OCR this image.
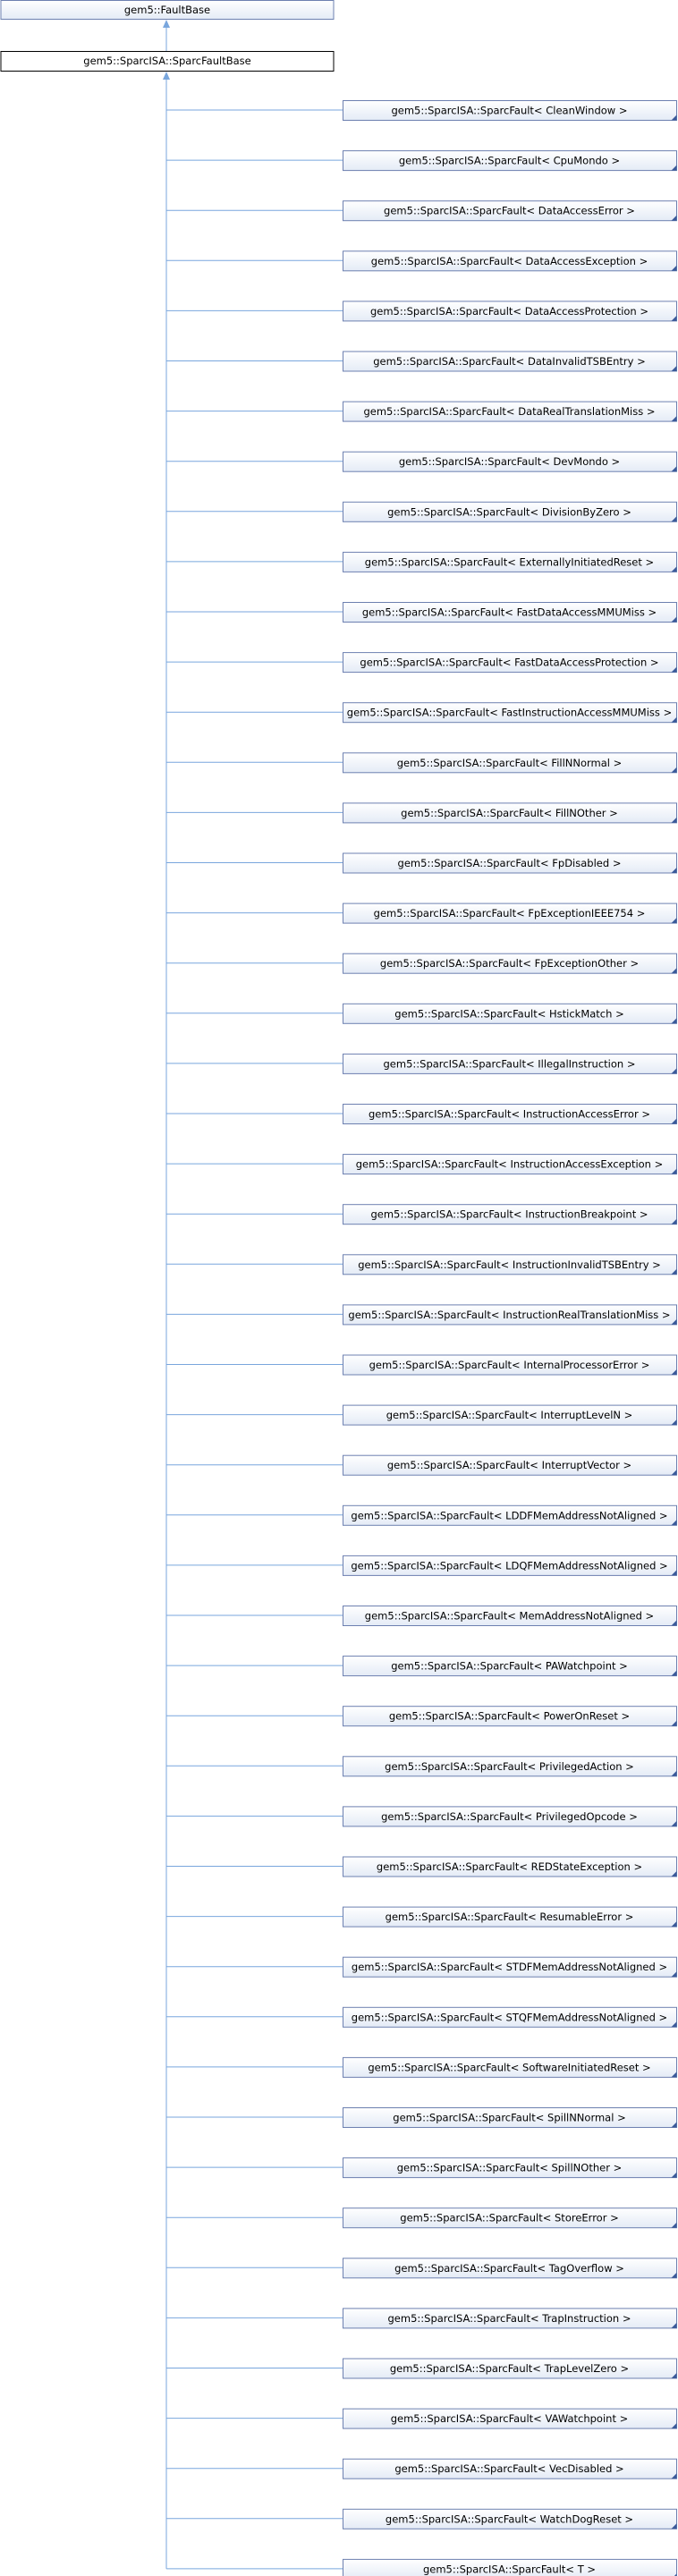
gem5::FaultBase
gem5::SparcISA::SparcFaultBase
gem5::SparcISA::SparcFault< CleanWindow >
gem5::SparcISA::SparcFault< CpuMondo >
gem5::SparcISA::SparcFault< DataAccessError >
gem5::SparcISA::SparcFault< DataAccessException >
gem5::SparcISA::SparcFault< DataAccessProtection >
gem5::SparcISA::SparcFault< DataInvalidTSBEntry >
gem5::SparcISA::SparcFault< DataRealTranslationMiss >
gem5::SparcISA::SparcFault< DevMondo >
gem5::SparcISA::SparcFault< DivisionByZero >
gem5::SparcISA::SparcFault< ExternallyInitiatedReset >
gem5::SparcISA::SparcFault< FastDataAccessMMUMiss >
gem5::SparcISA::SparcFault< FastDataAccessProtection >
gem5::SparcISA::SparcFault< FastInstructionAccessMMUMiss >
gem5::SparcISA::SparcFault< FillNNormal >
gem5::SparcISA::SparcFault< FillNOther >
gem5::SparcISA::SparcFault< FpDisabled >
gem5::SparcISA::SparcFault< FpExceptionIEEE754 >
gem5::SparcISA::SparcFault< FpExceptionOther >
gem5::SparcISA::SparcFault< HstickMatch >
gem5::SparcISA::SparcFault< IllegalInstruction >
gem5::SparcISA::SparcFault< InstructionAccessError >
gem5::SparcISA::SparcFault< InstructionAccessException >
gem5::SparcISA::SparcFault< InstructionBreakpoint >
gem5::SparcISA::SparcFault< InstructionInvalidTSBEntry >
gem5::SparcISA::SparcFault< InstructionRealTranslationMiss >
gem5::SparcISA::SparcFault< InternalProcessorError >
gem5::SparcISA::SparcFault< InterruptLevelN >
gem5::SparcISA::SparcFault< InterruptVector >
gem5::SparcISA::SparcFault< LDDFMemAddressNotAligned >
gem5::SparcISA::SparcFault< LDQFMemAddressNotAligned >
gem5::SparcISA::SparcFault< MemAddressNotAligned >
gem5::SparcISA::SparcFault< PAWatchpoint >
gem5::SparcISA::SparcFault< PowerOnReset >
gem5::SparcISA::SparcFault< PrivilegedAction >
gem5::SparcISA::SparcFault< PrivilegedOpcode >
gem5::SparcISA::SparcFault< REDStateException >
gem5::SparcISA::SparcFault< ResumableError >
gem5::SparcISA::SparcFault< STDFMemAddressNotAligned >
gem5::SparcISA::SparcFault< STQFMemAddressNotAligned >
gem5::SparcISA::SparcFault< SoftwareInitiatedReset >
gem5::SparcISA::SparcFault< SpillNNormal >
gem5::SparcISA::SparcFault< SpillNOther >
gem5::SparcISA::SparcFault< StoreError >
gem5::SparcISA::SparcFault< TagOverflow >
gem5::SparcISA::SparcFault< TrapInstruction >
gem5::SparcISA::SparcFault< TrapLevelZero >
gem5::SparcISA::SparcFault< VAWatchpoint >
gem5::SparcISA::SparcFault< VecDisabled >
gem5::SparcISA::SparcFault< WatchDogReset >
gem5::SparcISA::SparcFault< T >
